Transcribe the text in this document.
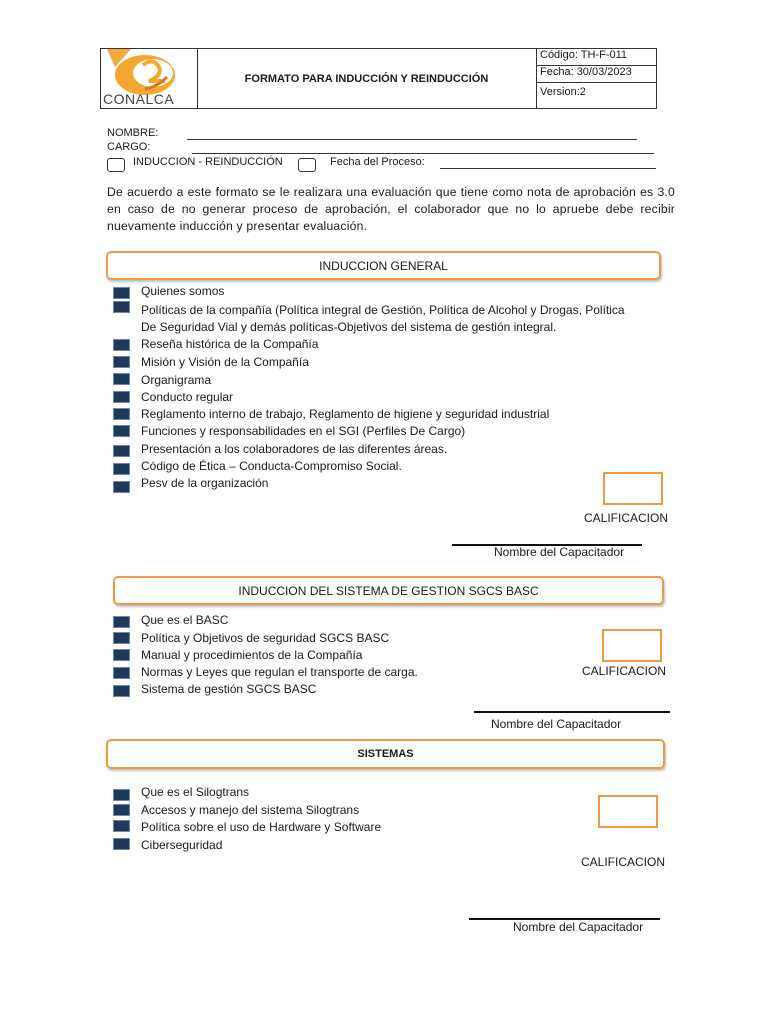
CONALCA
FORMATO PARA INDUCCIÓN Y REINDUCCIÓN
Código: TH-F-011
Fecha: 30/03/2023
Version:2
NOMBRE:
CARGO:
INDUCCION - REINDUCCIÓN	Fecha del Proceso:
De acuerdo a este formato se le realizara una evaluación que tiene como nota de aprobación es 3.0 en caso de no generar proceso de aprobación, el colaborador que no lo apruebe debe recibir nuevamente inducción y presentar evaluación.
INDUCCION GENERAL
Quienes somos
Políticas de la compañía (Política integral de Gestión, Política de Alcohol y Drogas, Política
De Seguridad Vial y demás políticas-Objetivos del sistema de gestión integral.
Reseña histórica de la Compañía
Misión y Visión de la Compañía
Organigrama
Conducto regular
Reglamento interno de trabajo, Reglamento de higiene y seguridad industrial
Funciones y responsabilidades en el SGI (Perfiles De Cargo)
Presentación a los colaboradores de las diferentes áreas.
Código de Ética – Conducta-Compromiso Social.
Pesv de la organización
CALIFICACION
Nombre del Capacitador
INDUCCION DEL SISTEMA DE GESTION SGCS BASC
Que es el BASC
Política y Objetivos de seguridad SGCS BASC
Manual y procedimientos de la Compañía
Normas y Leyes que regulan el transporte de carga.
Sistema de gestión SGCS BASC
CALIFICACION
Nombre del Capacitador
SISTEMAS
Que es el Silogtrans
Accesos y manejo del sistema Silogtrans
Política sobre el uso de Hardware y Software
Ciberseguridad
CALIFICACION
Nombre del Capacitador
